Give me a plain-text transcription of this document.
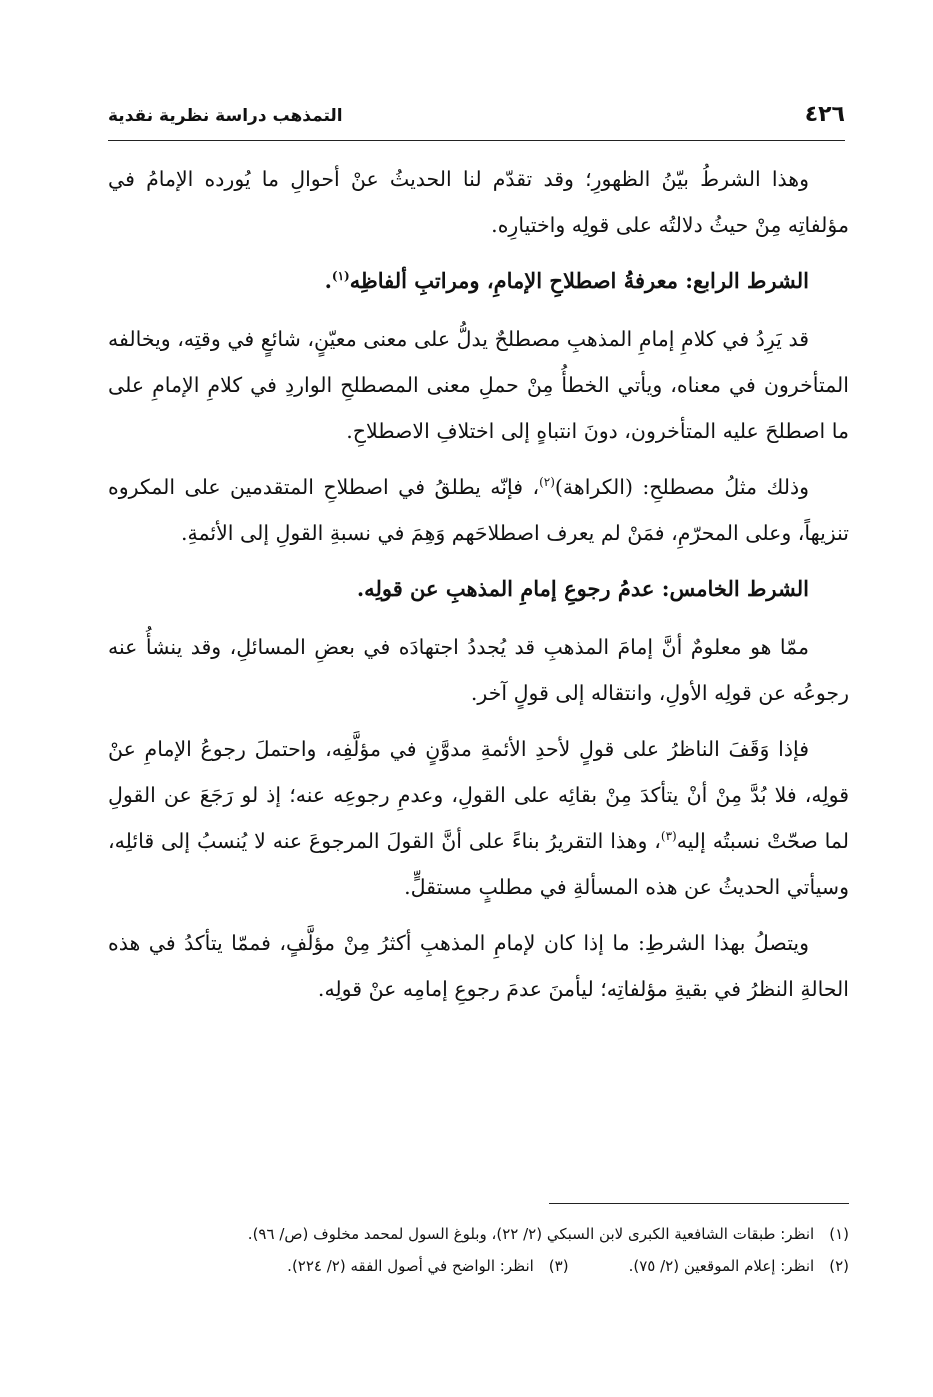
٤٢٦
التمذهب دراسة نظرية نقدية

وهذا الشرطُ بيّنُ الظهورِ؛ وقد تقدّم لنا الحديثُ عنْ أحوالِ ما يُورده الإمامُ في مؤلفاتِه مِنْ حيثُ دلالتُه على قولِه واختيارِه.

الشرط الرابع: معرفةُ اصطلاحِ الإمامِ، ومراتبِ ألفاظِه$^{(١)}$.

قد يَرِدُ في كلامِ إمامِ المذهبِ مصطلحٌ يدلُّ على معنى معيّنٍ، شائعٍ في وقتِه، ويخالفه المتأخرون في معناه، ويأتي الخطأُ مِنْ حملِ معنى المصطلحِ الواردِ في كلامِ الإمامِ على ما اصطلحَ عليه المتأخرون، دونَ انتباهٍ إلى اختلافِ الاصطلاحِ.

وذلك مثلُ مصطلحِ: (الكراهة)$^{(٢)}$، فإنّه يطلقُ في اصطلاحِ المتقدمين على المكروه تنزيهاً، وعلى المحرّمِ، فمَنْ لم يعرف اصطلاحَهم وَهِمَ في نسبةِ القولِ إلى الأئمةِ.

الشرط الخامس: عدمُ رجوعِ إمامِ المذهبِ عن قولِه.

ممّا هو معلومٌ أنَّ إمامَ المذهبِ قد يُجددُ اجتهادَه في بعضِ المسائلِ، وقد ينشأُ عنه رجوعُه عن قولِه الأولِ، وانتقاله إلى قولٍ آخر.

فإذا وَقَفَ الناظرُ على قولٍ لأحدِ الأئمةِ مدوَّنٍ في مؤلَّفِه، واحتملَ رجوعُ الإمامِ عنْ قولِه، فلا بُدَّ مِنْ أنْ يتأكدَ مِنْ بقائِه على القولِ، وعدمِ رجوعِه عنه؛ إذ لو رَجَعَ عن القولِ لما صحّتْ نسبتُه إليه$^{(٣)}$، وهذا التقريرُ بناءً على أنَّ القولَ المرجوعَ عنه لا يُنسبُ إلى قائلِه، وسيأتي الحديثُ عن هذه المسألةِ في مطلبٍ مستقلٍّ.

ويتصلُ بهذا الشرطِ: ما إذا كان لإمامِ المذهبِ أكثرُ مِنْ مؤلَّفٍ، فممّا يتأكدُ في هذه الحالةِ النظرُ في بقيةِ مؤلفاتِه؛ ليأمنَ عدمَ رجوعِ إمامِه عنْ قولِه.

(١) انظر: طبقات الشافعية الكبرى لابن السبكي (٢/ ٢٢)، وبلوغ السول لمحمد مخلوف (ص/ ٩٦).

(٢) انظر: إعلام الموقعين (٢/ ٧٥).

(٣) انظر: الواضح في أصول الفقه (٢/ ٢٢٤).
